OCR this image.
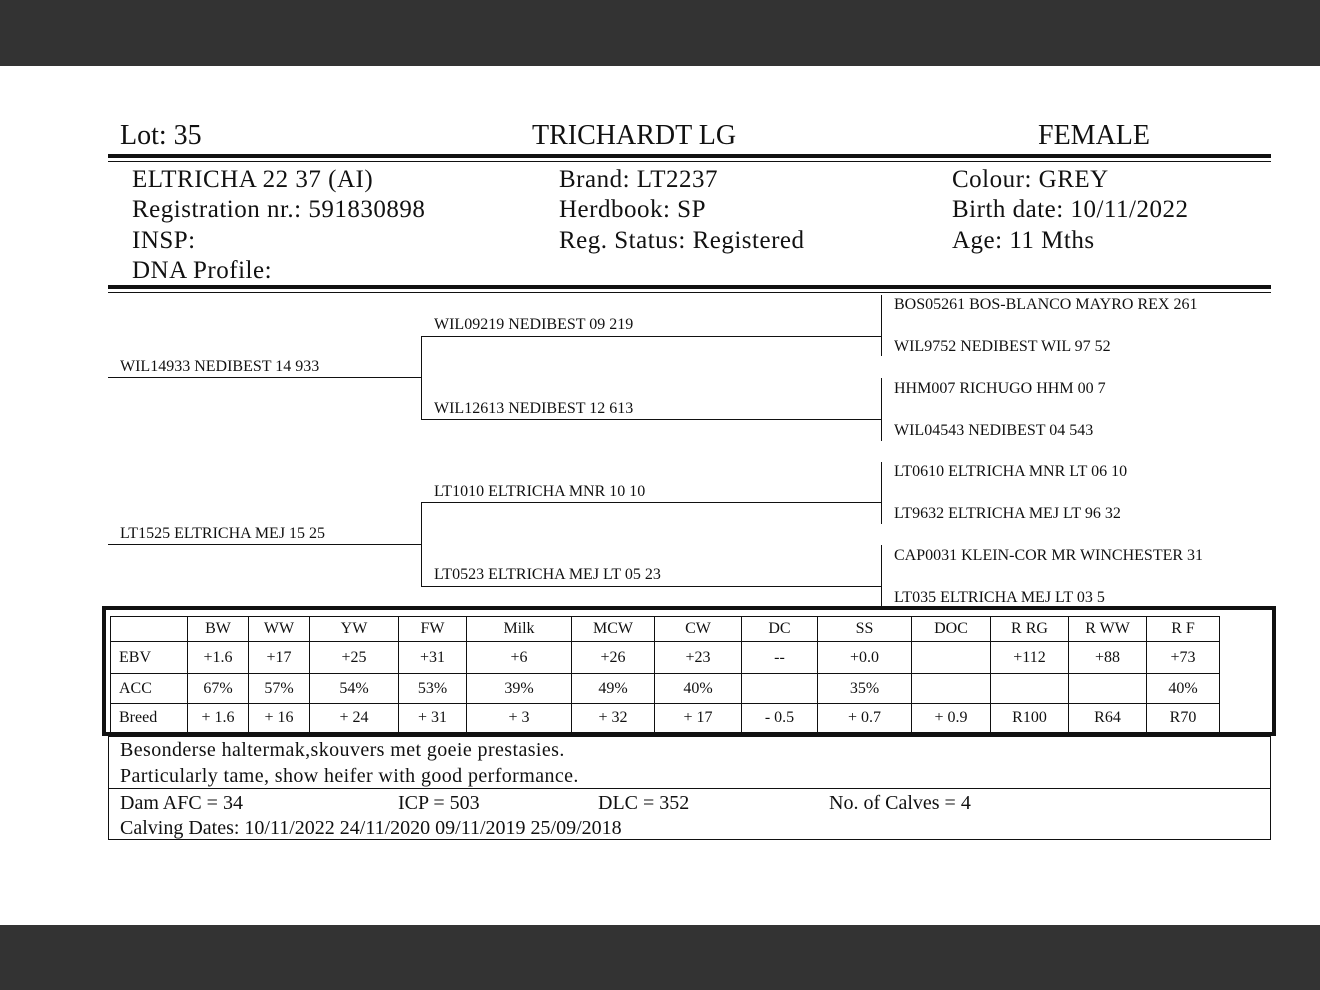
Lot: 35	TRICHARDT LG	FEMALE
ELTRICHA 22 37 (AI)
Registration nr.: 591830898
INSP:
DNA Profile:
Brand: LT2237
Herdbook: SP
Reg. Status: Registered
Colour: GREY
Birth date: 10/11/2022
Age: 11 Mths
WIL14933 NEDIBEST 14 933
WIL09219 NEDIBEST 09 219
WIL12613 NEDIBEST 12 613
LT1525 ELTRICHA MEJ 15 25
LT1010 ELTRICHA MNR 10 10
LT0523 ELTRICHA MEJ LT 05 23
BOS05261 BOS-BLANCO MAYRO REX 261
WIL9752 NEDIBEST WIL 97 52
HHM007 RICHUGO HHM 00 7
WIL04543 NEDIBEST 04 543
LT0610 ELTRICHA MNR LT 06 10
LT9632 ELTRICHA MEJ LT 96 32
CAP0031 KLEIN-COR MR WINCHESTER 31
LT035 ELTRICHA MEJ LT 03 5
	BW	WW	YW	FW	Milk	MCW	CW	DC	SS	DOC	R RG	R WW	R F
EBV	+1.6	+17	+25	+31	+6	+26	+23	--	+0.0		+112	+88	+73
ACC	67%	57%	54%	53%	39%	49%	40%		35%				40%
Breed	+ 1.6	+ 16	+ 24	+ 31	+ 3	+ 32	+ 17	- 0.5	+ 0.7	+ 0.9	R100	R64	R70
Besonderse haltermak,skouvers met goeie prestasies.
Particularly tame, show heifer with good performance.
Dam AFC = 34	ICP = 503	DLC = 352	No. of Calves = 4
Calving Dates: 10/11/2022 24/11/2020 09/11/2019 25/09/2018
